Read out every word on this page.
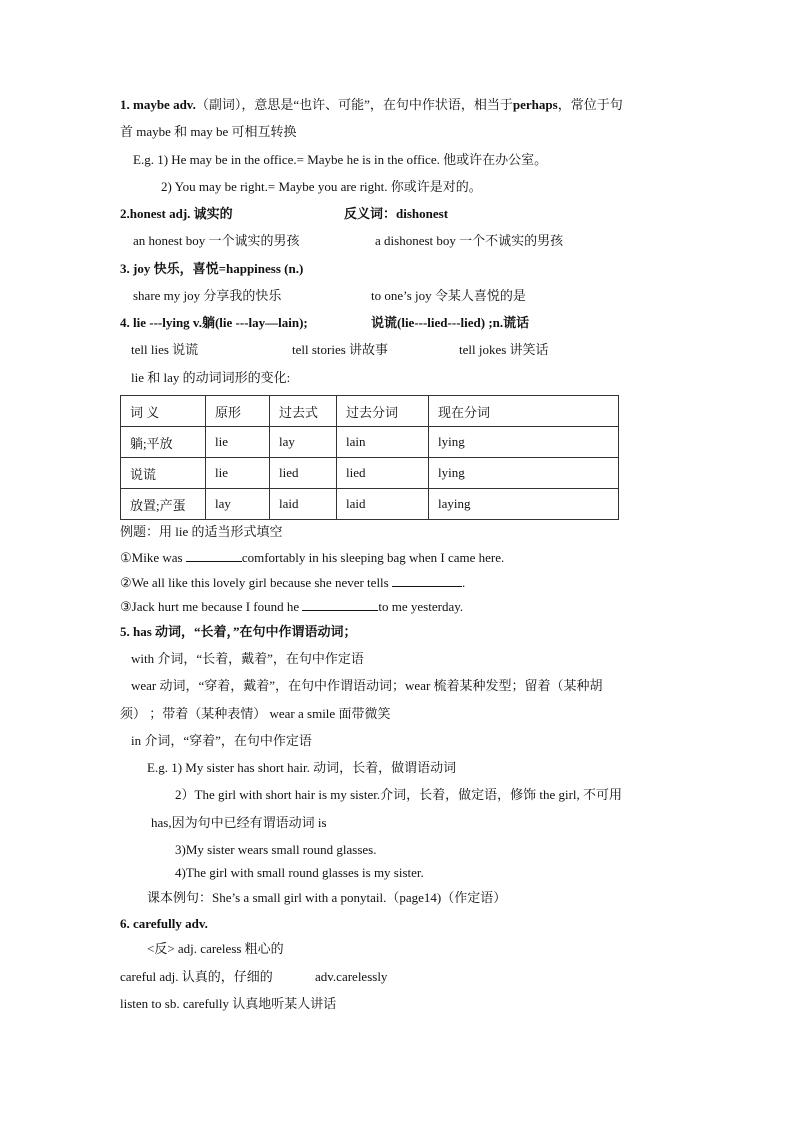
1. maybe adv.（副词），意思是“也许、可能”，在句中作状语，相当于perhaps，常位于句
首 maybe 和 may be 可相互转换
E.g. 1) He may be in the office.= Maybe he is in the office. 他或许在办公室。
2) You may be right.= Maybe you are right. 你或许是对的。
2.honest adj. 诚实的	反义词：dishonest
an honest boy 一个诚实的男孩	a dishonest boy 一个不诚实的男孩
3. joy 快乐，喜悦=happiness (n.)
share my joy 分享我的快乐	to one’s joy 令某人喜悦的是
4. lie ---lying v.躺(lie ---lay—lain);	说谎(lie---lied---lied) ;n.谎话
tell lies 说谎	tell stories 讲故事	tell jokes 讲笑话
lie 和 lay 的动词词形的变化:
词 义	原形	过去式	过去分词	现在分词
躺;平放	lie	lay	lain	lying
说谎	lie	lied	lied	lying
放置;产蛋	lay	laid	laid	laying
例题：用 lie 的适当形式填空
①Mike was	comfortably in his sleeping bag when I came here.
②We all like this lovely girl because she never tells	.
③Jack hurt me because I found he	to me yesterday.
5. has 动词，“长着，”在句中作谓语动词；
with 介词，“长着，戴着”，在句中作定语
wear 动词，“穿着，戴着”，在句中作谓语动词；wear 梳着某种发型；留着（某种胡
须） ；带着（某种表情） wear a smile 面带微笑
in 介词，“穿着”，在句中作定语
E.g. 1) My sister has short hair. 动词，长着，做谓语动词
2）The girl with short hair is my sister.介词，长着，做定语，修饰 the girl, 不可用
has,因为句中已经有谓语动词 is
3)My sister wears small round glasses.
4)The girl with small round glasses is my sister.
课本例句：She’s a small girl with a ponytail.（page14)（作定语）
6. carefully adv.
<反> adj. careless 粗心的
careful adj. 认真的，仔细的	adv.carelessly
listen to sb. carefully 认真地听某人讲话
